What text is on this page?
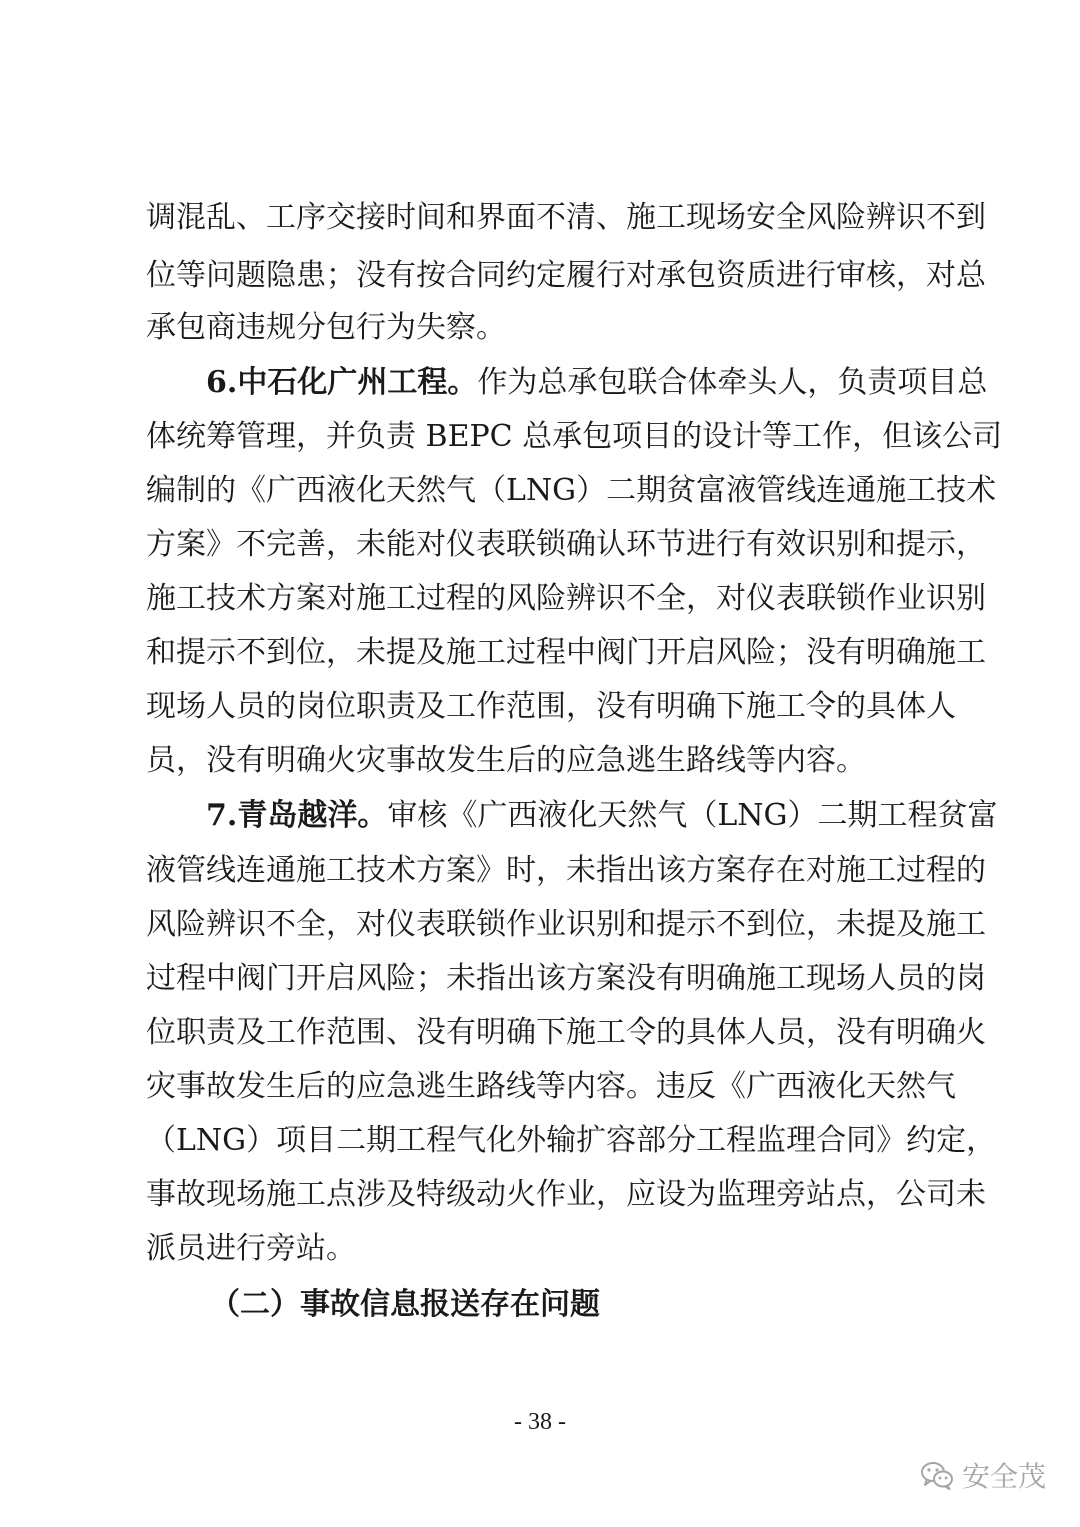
调混乱、工序交接时间和界面不清、施工现场安全风险辨识不到
位等问题隐患；没有按合同约定履行对承包资质进行审核，对总
承包商违规分包行为失察。
6.中石化广州工程。作为总承包联合体牵头人，负责项目总
体统筹管理，并负责 BEPC 总承包项目的设计等工作，但该公司
编制的《广西液化天然气（LNG）二期贫富液管线连通施工技术
方案》不完善，未能对仪表联锁确认环节进行有效识别和提示，
施工技术方案对施工过程的风险辨识不全，对仪表联锁作业识别
和提示不到位，未提及施工过程中阀门开启风险；没有明确施工
现场人员的岗位职责及工作范围，没有明确下施工令的具体人
员，没有明确火灾事故发生后的应急逃生路线等内容。
7.青岛越洋。审核《广西液化天然气（LNG）二期工程贫富
液管线连通施工技术方案》时，未指出该方案存在对施工过程的
风险辨识不全，对仪表联锁作业识别和提示不到位，未提及施工
过程中阀门开启风险；未指出该方案没有明确施工现场人员的岗
位职责及工作范围、没有明确下施工令的具体人员，没有明确火
灾事故发生后的应急逃生路线等内容。违反《广西液化天然气
（LNG）项目二期工程气化外输扩容部分工程监理合同》约定，
事故现场施工点涉及特级动火作业，应设为监理旁站点，公司未
派员进行旁站。
（二）事故信息报送存在问题
- 38 -
安全茂
